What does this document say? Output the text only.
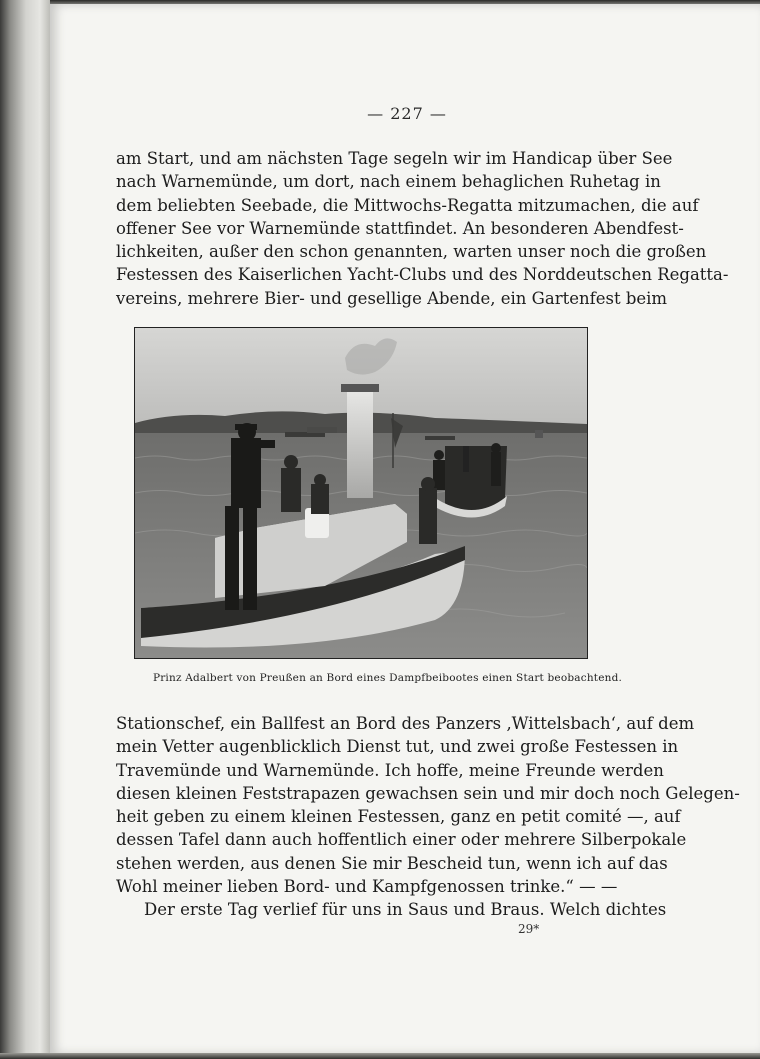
— 227 —
am Start, und am nächsten Tage segeln wir im Handicap über See
nach Warnemünde, um dort, nach einem behaglichen Ruhetag in
dem beliebten Seebade, die Mittwochs-Regatta mitzumachen, die auf
offener See vor Warnemünde stattfindet. An besonderen Abendfest-
lichkeiten, außer den schon genannten, warten unser noch die großen
Festessen des Kaiserlichen Yacht-Clubs und des Norddeutschen Regatta-
vereins, mehrere Bier- und gesellige Abende, ein Gartenfest beim
Prinz Adalbert von Preußen an Bord eines Dampfbeibootes einen Start beobachtend.
Stationschef, ein Ballfest an Bord des Panzers ‚Wittelsbach‘, auf dem
mein Vetter augenblicklich Dienst tut, und zwei große Festessen in
Travemünde und Warnemünde. Ich hoffe, meine Freunde werden
diesen kleinen Feststrapazen gewachsen sein und mir doch noch Gelegen-
heit geben zu einem kleinen Festessen, ganz en petit comité —, auf
dessen Tafel dann auch hoffentlich einer oder mehrere Silberpokale
stehen werden, aus denen Sie mir Bescheid tun, wenn ich auf das
Wohl meiner lieben Bord- und Kampfgenossen trinke.“ — —
Der erste Tag verlief für uns in Saus und Braus. Welch dichtes
29*
